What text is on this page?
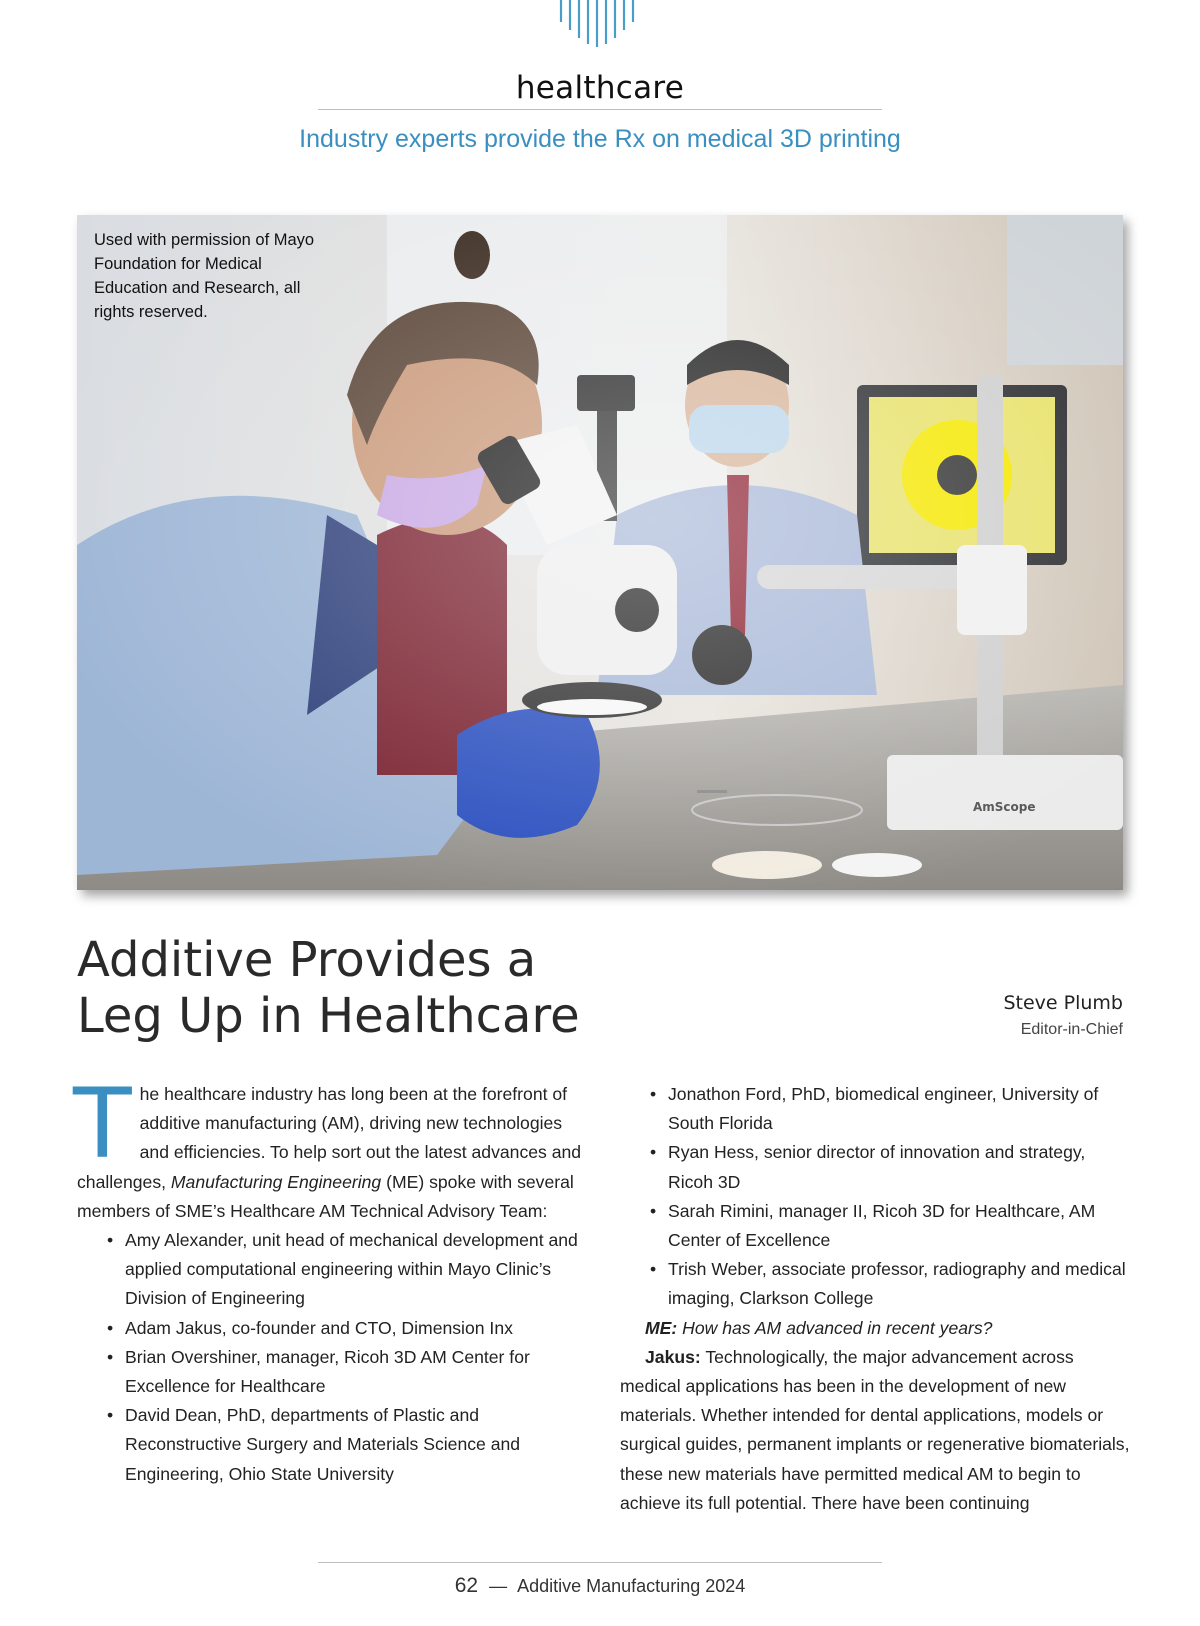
healthcare
Industry experts provide the Rx on medical 3D printing
Used with permission of Mayo Foundation for Medical Education and Research, all rights reserved.
Additive Provides a Leg Up in Healthcare	Steve Plumb
Editor-in-Chief

The healthcare industry has long been at the forefront of additive manufacturing (AM), driving new technologies and efficiencies. To help sort out the latest advances and challenges, Manufacturing Engineering (ME) spoke with several members of SME’s Healthcare AM Technical Advisory Team:

• Amy Alexander, unit head of mechanical development and applied computational engineering within Mayo Clinic’s Division of Engineering
• Adam Jakus, co-founder and CTO, Dimension Inx
• Brian Overshiner, manager, Ricoh 3D AM Center for Excellence for Healthcare
• David Dean, PhD, departments of Plastic and Reconstructive Surgery and Materials Science and Engineering, Ohio State University
• Jonathon Ford, PhD, biomedical engineer, University of South Florida
• Ryan Hess, senior director of innovation and strategy, Ricoh 3D
• Sarah Rimini, manager II, Ricoh 3D for Healthcare, AM Center of Excellence
• Trish Weber, associate professor, radiography and medical imaging, Clarkson College

ME: How has AM advanced in recent years?

Jakus: Technologically, the major advancement across medical applications has been in the development of new materials. Whether intended for dental applications, models or surgical guides, permanent implants or regenerative biomaterials, these new materials have permitted medical AM to begin to achieve its full potential. There have been continuing

62 — Additive Manufacturing 2024
